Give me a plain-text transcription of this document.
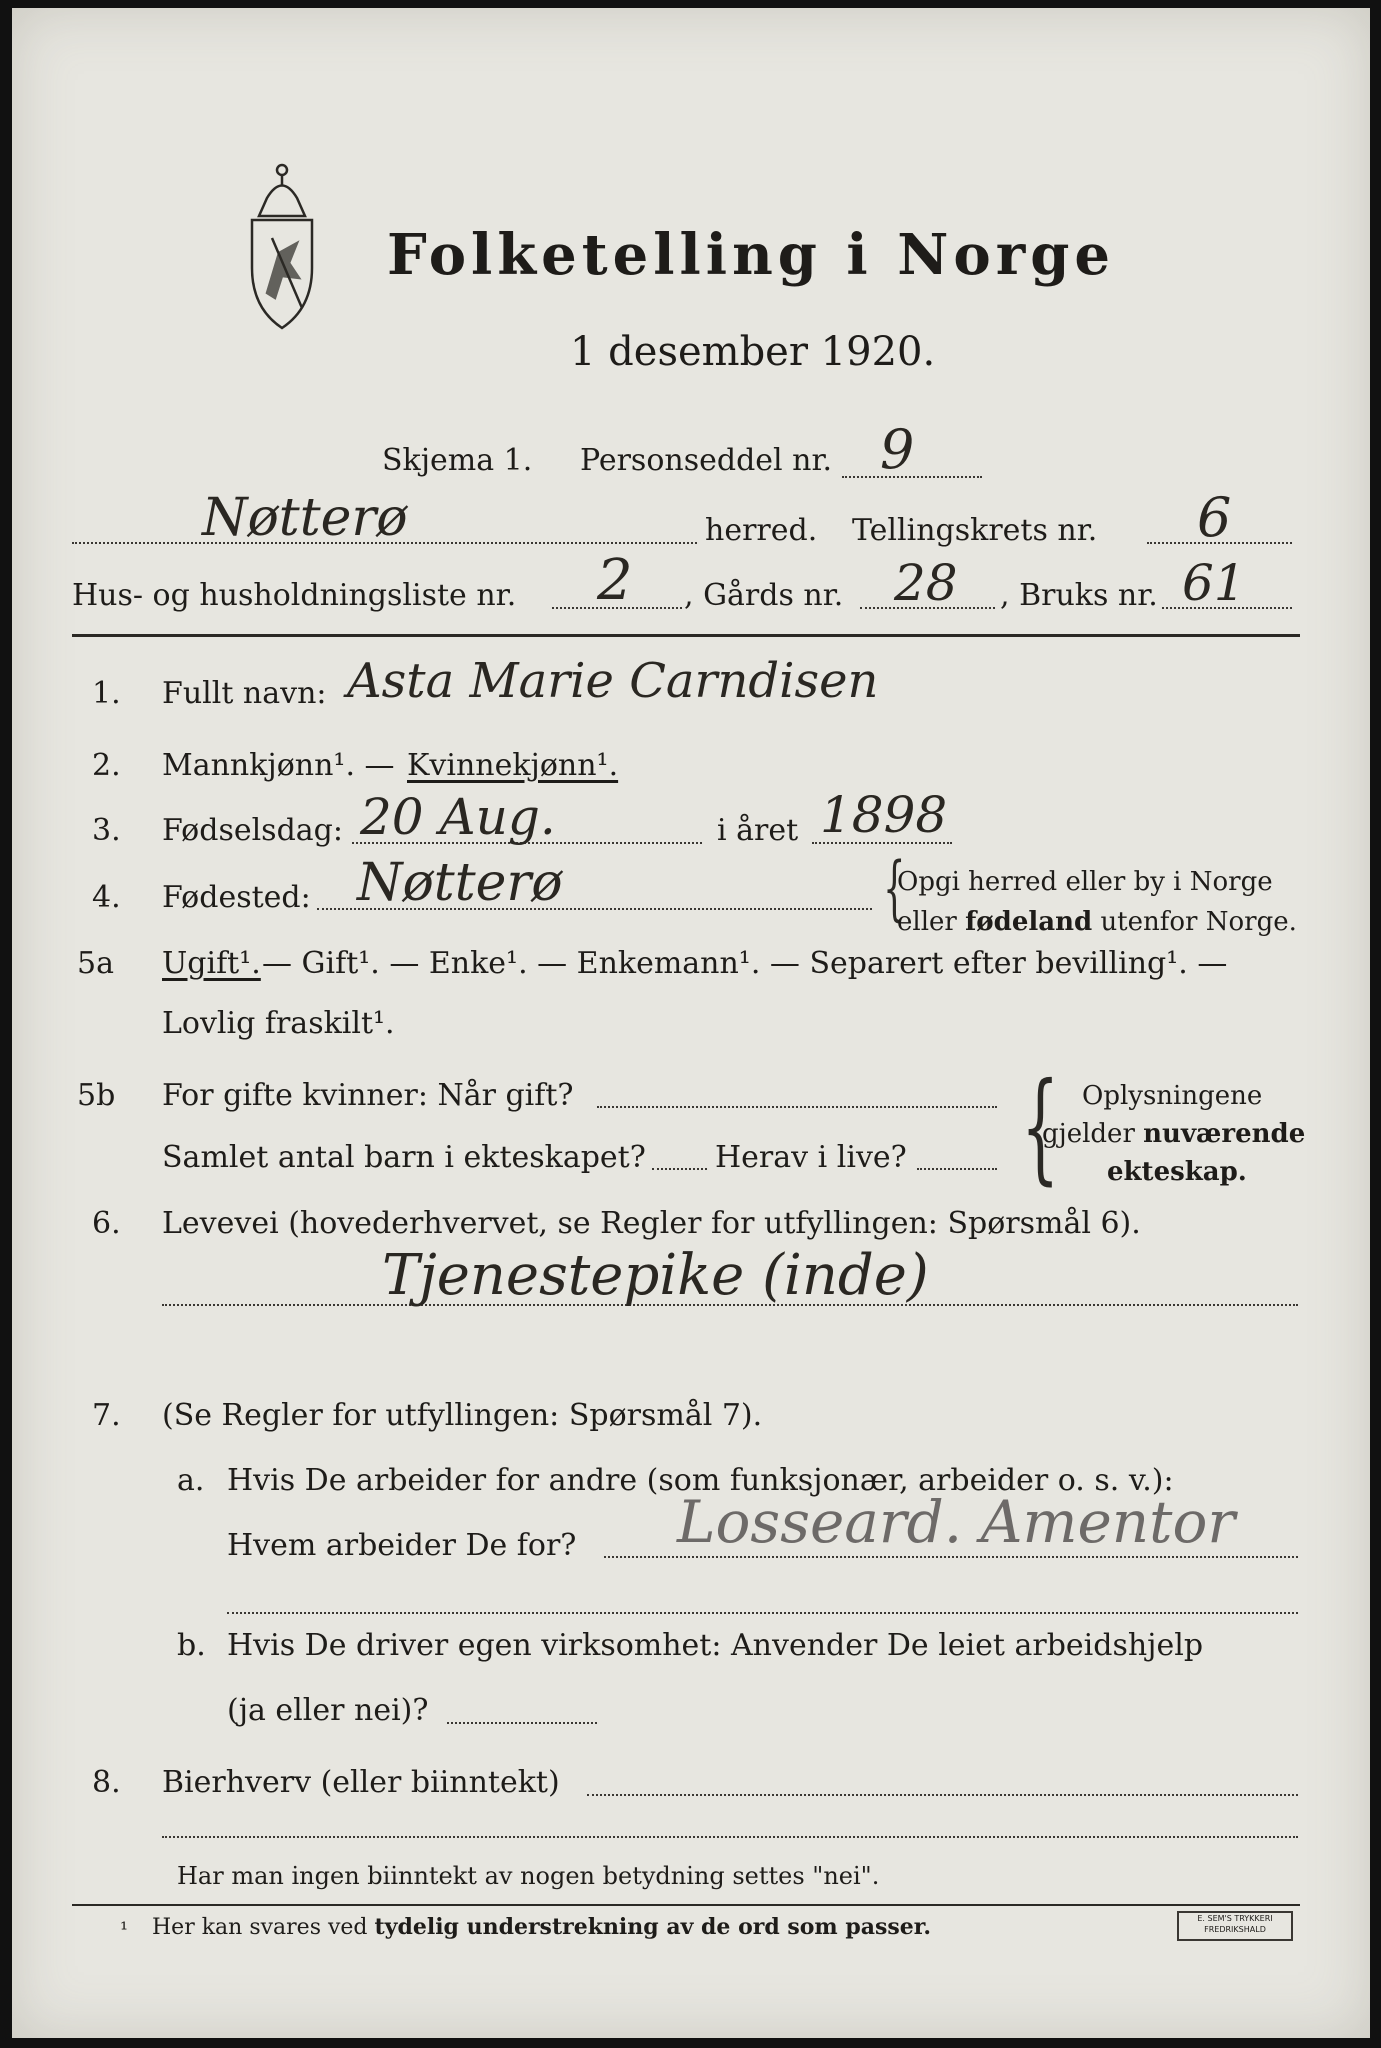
Folketelling i Norge
1 desember 1920.
Skjema 1. Personseddel nr. 9
Nøtterø	herred. Tellingskrets nr. 6
Hus- og husholdningsliste nr. 2 , Gårds nr. 28 , Bruks nr. 61
1. Fullt navn: Asta Marie Carndisen
2. Mannkjønn¹. — Kvinnekjønn¹.
3. Fødselsdag: 20 Aug.	i året 1898
4. Fødested: Nøtterø	{
Opgi herred eller by i Norge
eller fødeland utenfor Norge.
5a Ugift¹. — Gift¹. — Enke¹. — Enkemann¹. — Separert efter bevilling¹. —
Lovlig fraskilt¹.
5b For gifte kvinner: Når gift?
Samlet antal barn i ekteskapet? Herav i live? { Oplysningene
gjelder nuværende
ekteskap.
6. Levevei (hovederhvervet, se Regler for utfyllingen: Spørsmål 6).
Tjenestepike (inde)
7. (Se Regler for utfyllingen: Spørsmål 7).
a. Hvis De arbeider for andre (som funksjonær, arbeider o. s. v.):
Hvem arbeider De for? Losseard. Amentor
b. Hvis De driver egen virksomhet: Anvender De leiet arbeidshjelp
(ja eller nei)?
8. Bierhverv (eller biinntekt)
Har man ingen biinntekt av nogen betydning settes "nei".
¹ Her kan svares ved tydelig understrekning av de ord som passer.	E. SEM'S TRYKKERI FREDRIKSHALD
